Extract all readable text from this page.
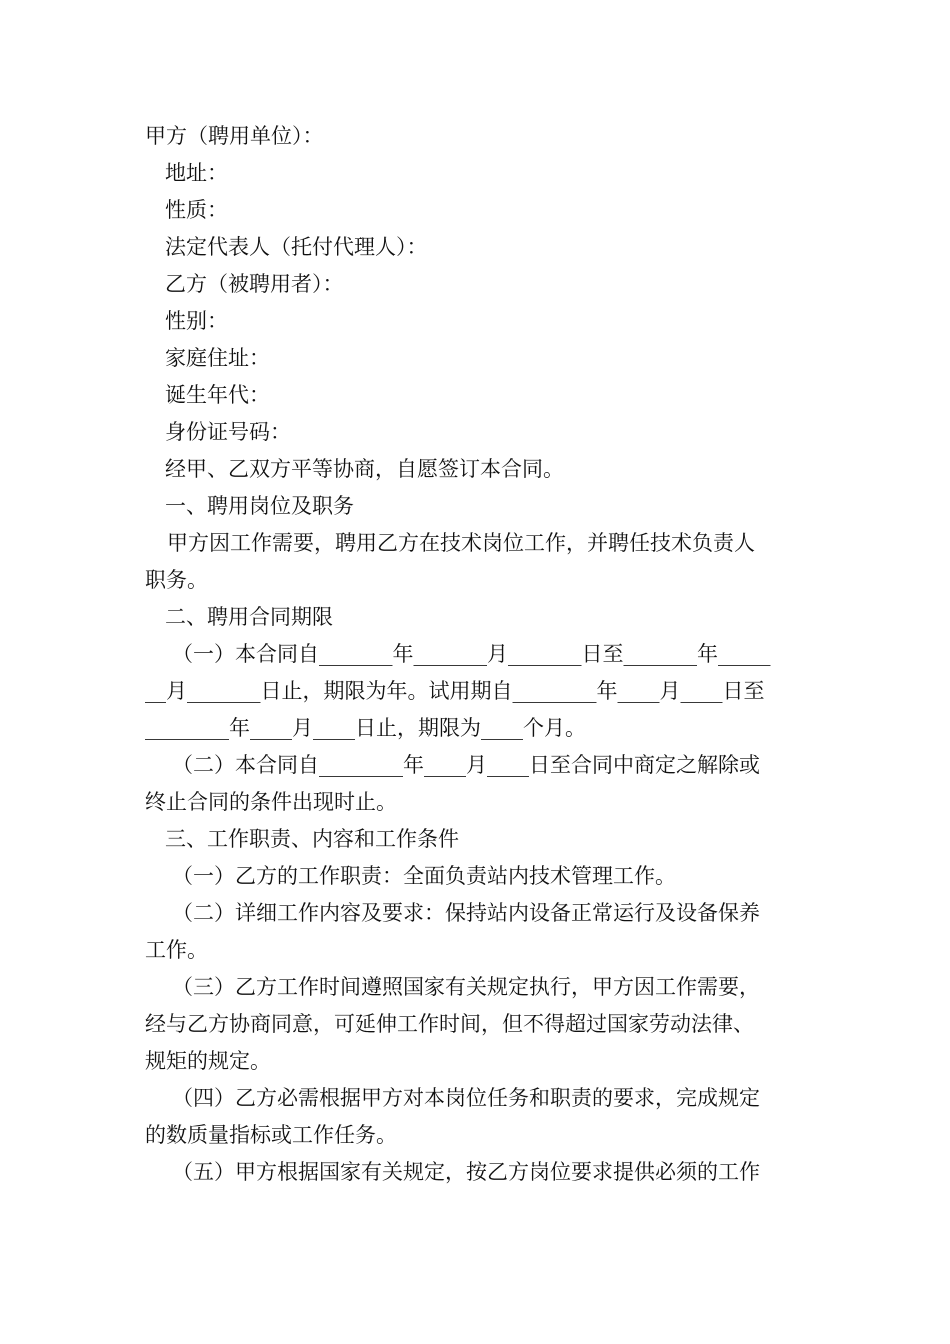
甲方（聘用单位）：
地址：
性质：
法定代表人（托付代理人）：
乙方（被聘用者）：
性别：
家庭住址：
诞生年代：
身份证号码：
经甲、乙双方平等协商，自愿签订本合同。
一、聘用岗位及职务
甲方因工作需要，聘用乙方在技术岗位工作，并聘任技术负责人
职务。
二、聘用合同期限
（一）本合同自_______年_______月_______日至_______年_____
__月_______日止，期限为年。试用期自________年____月____日至
________年____月____日止，期限为____个月。
（二）本合同自________年____月____日至合同中商定之解除或
终止合同的条件出现时止。
三、工作职责、内容和工作条件
（一）乙方的工作职责：全面负责站内技术管理工作。
（二）详细工作内容及要求：保持站内设备正常运行及设备保养
工作。
（三）乙方工作时间遵照国家有关规定执行，甲方因工作需要，
经与乙方协商同意，可延伸工作时间，但不得超过国家劳动法律、
规矩的规定。
（四）乙方必需根据甲方对本岗位任务和职责的要求，完成规定
的数质量指标或工作任务。
（五）甲方根据国家有关规定，按乙方岗位要求提供必须的工作
